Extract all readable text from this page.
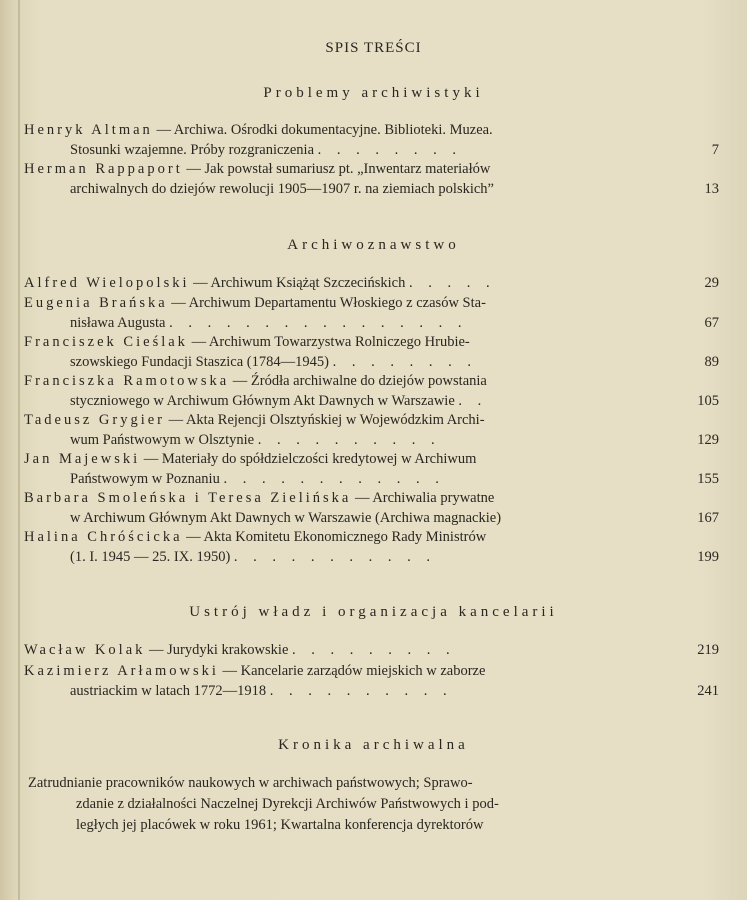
SPIS TREŚCI
Problemy archiwistyki
Henryk Altman — Archiwa. Ośrodki dokumentacyjne. Biblioteki. Muzea.
Stosunki wzajemne. Próby rozgraniczenia . . . . . . . .	7
Herman Rappaport — Jak powstał sumariusz pt. „Inwentarz materiałów
archiwalnych do dziejów rewolucji 1905—1907 r. na ziemiach polskich”	13
Archiwoznawstwo
Alfred Wielopolski — Archiwum Książąt Szczecińskich . . . . .	29
Eugenia Brańska — Archiwum Departamentu Włoskiego z czasów Sta-
nisława Augusta . . . . . . . . . . . . . . . .	67
Franciszek Cieślak — Archiwum Towarzystwa Rolniczego Hrubie-
szowskiego Fundacji Staszica (1784—1945) . . . . . . . .	89
Franciszka Ramotowska — Źródła archiwalne do dziejów powstania
styczniowego w Archiwum Głównym Akt Dawnych w Warszawie . .	105
Tadeusz Grygier — Akta Rejencji Olsztyńskiej w Wojewódzkim Archi-
wum Państwowym w Olsztynie . . . . . . . . . .	129
Jan Majewski — Materiały do spółdzielczości kredytowej w Archiwum
Państwowym w Poznaniu . . . . . . . . . . . .	155
Barbara Smoleńska i Teresa Zielińska — Archiwalia prywatne
w Archiwum Głównym Akt Dawnych w Warszawie (Archiwa magnackie)	167
Halina Chróścicka — Akta Komitetu Ekonomicznego Rady Ministrów
(1. I. 1945 — 25. IX. 1950) . . . . . . . . . . .	199
Ustrój władz i organizacja kancelarii
Wacław Kolak — Jurydyki krakowskie . . . . . . . . .	219
Kazimierz Arłamowski — Kancelarie zarządów miejskich w zaborze
austriackim w latach 1772—1918 . . . . . . . . . .	241
Kronika archiwalna
Zatrudnianie pracowników naukowych w archiwach państwowych; Sprawo-
zdanie z działalności Naczelnej Dyrekcji Archiwów Państwowych i pod-
ległych jej placówek w roku 1961; Kwartalna konferencja dyrektorów
